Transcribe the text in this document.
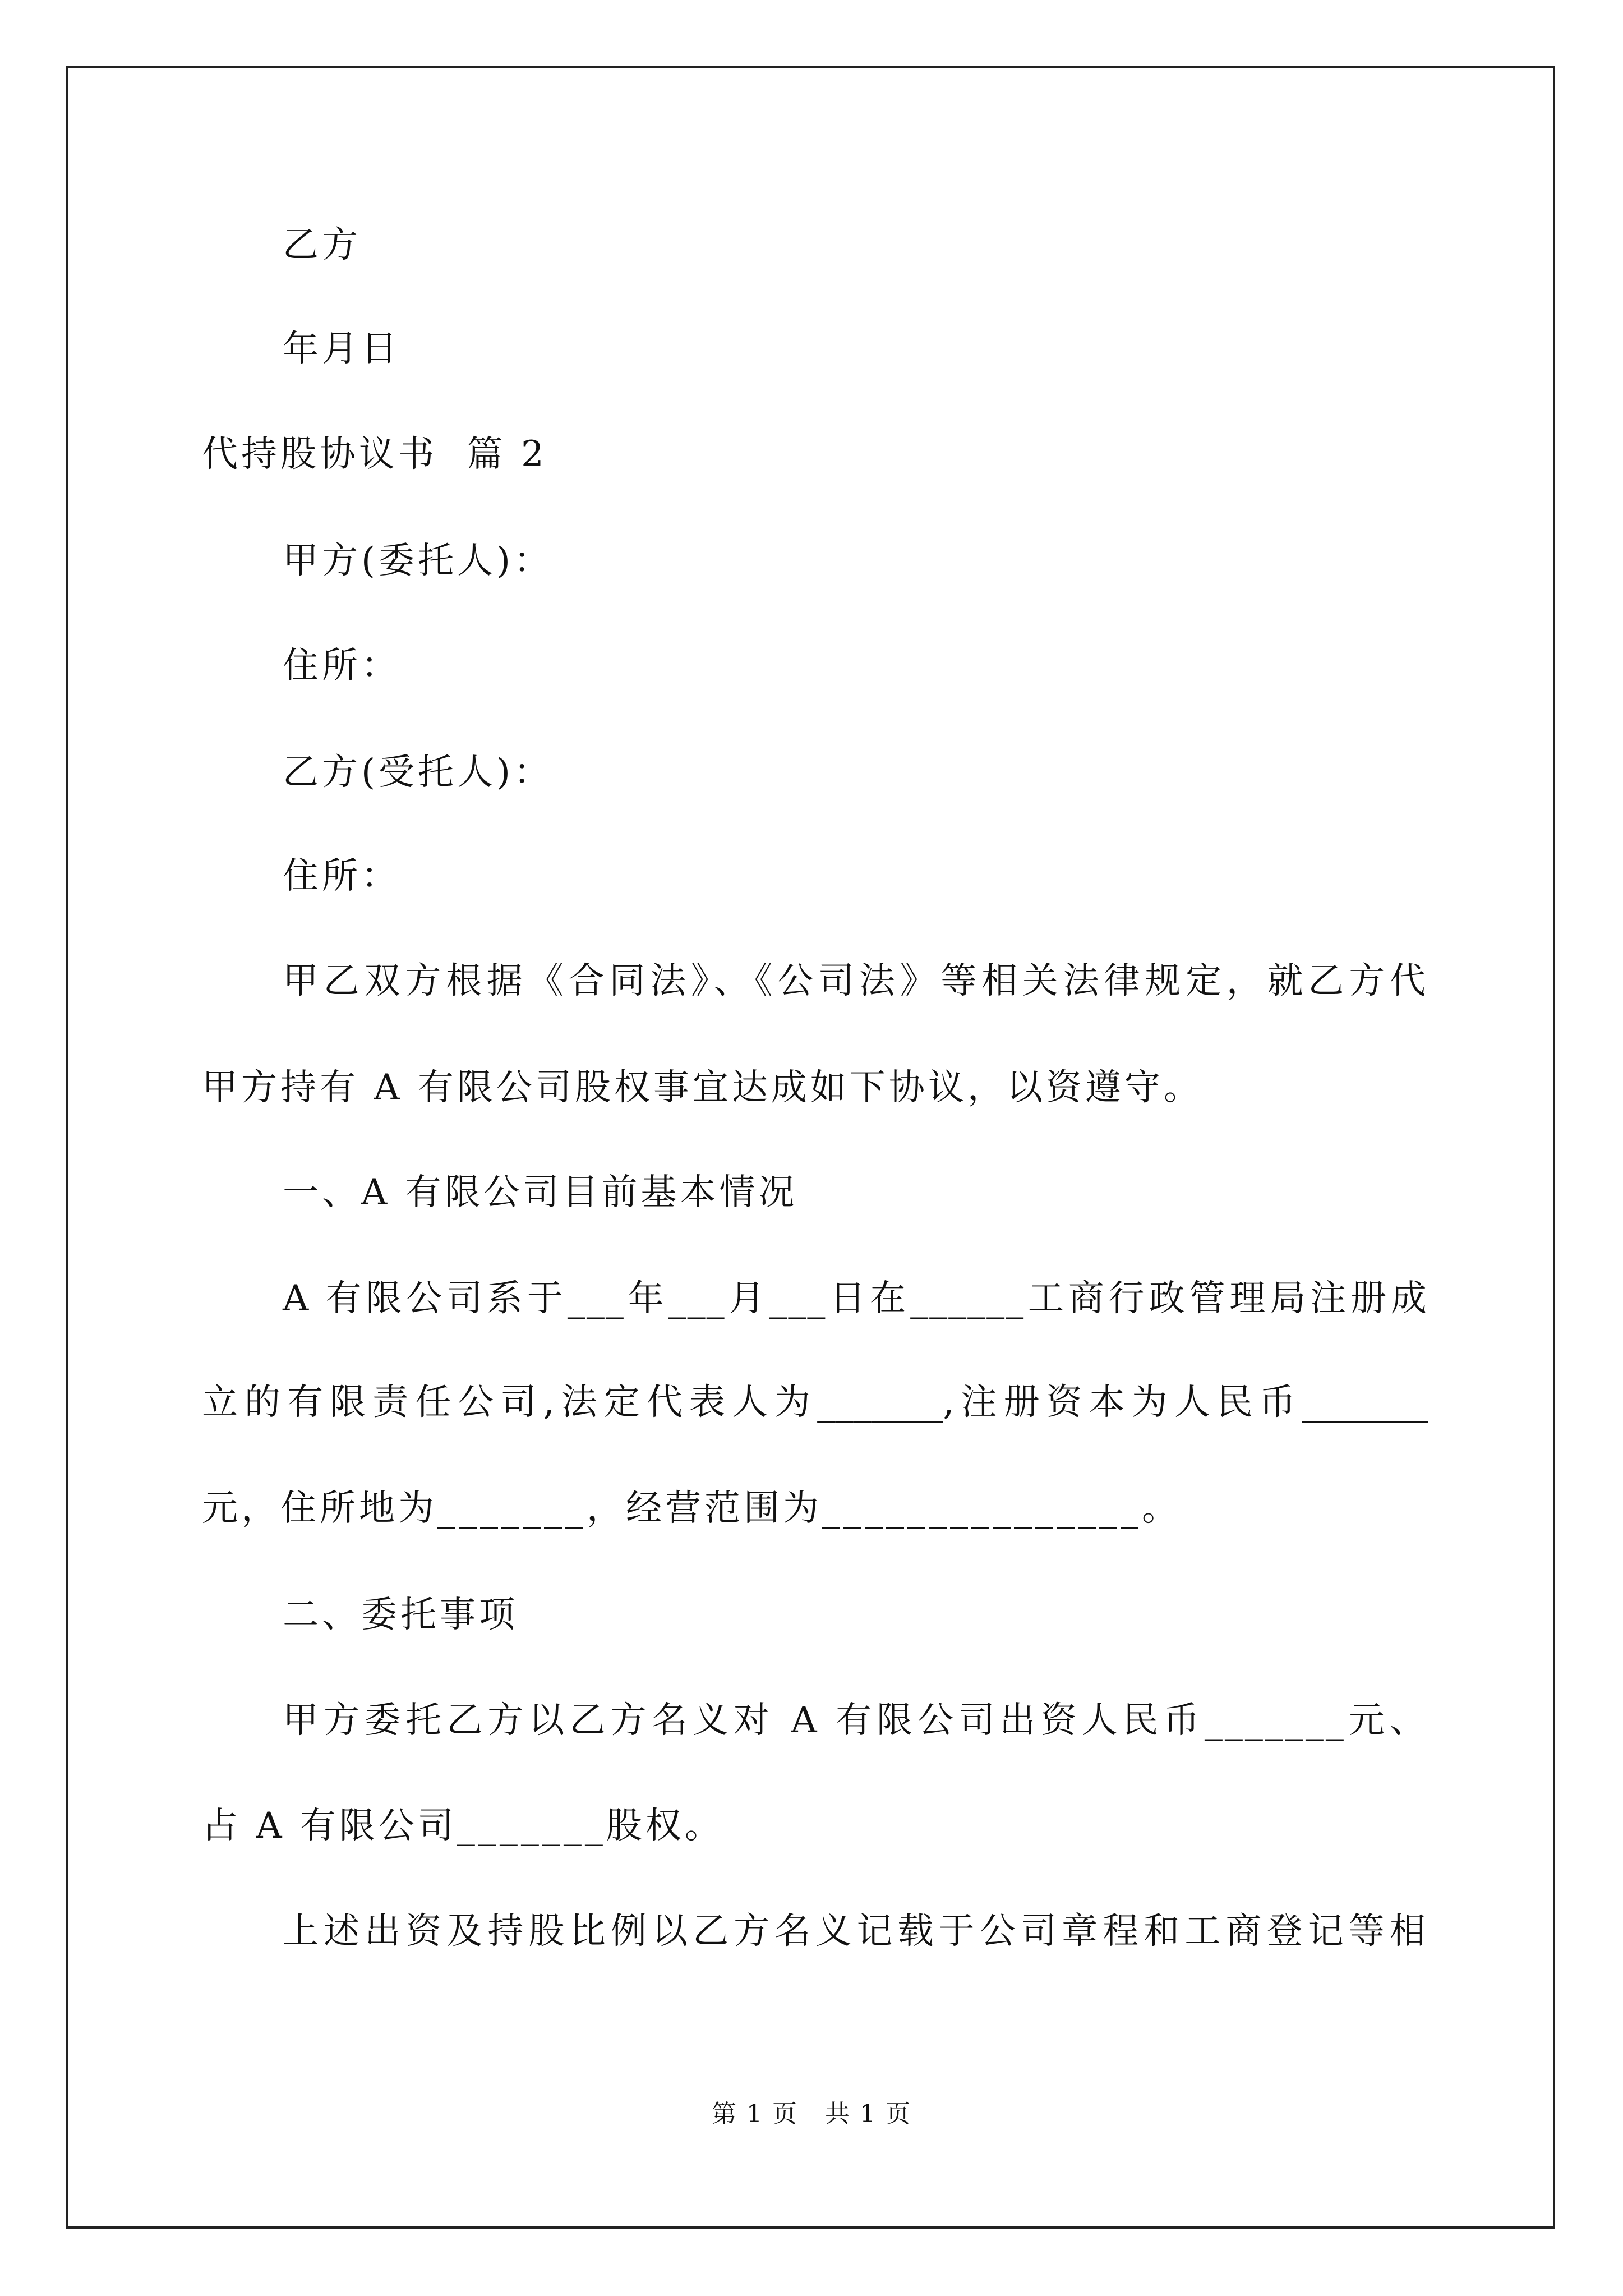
乙方
年月日
代持股协议书  篇 2
甲方(委托人)：
住所：
乙方(受托人)：
住所：
甲乙双方根据《合同法》、《公司法》等相关法律规定，就乙方代
甲方持有 A 有限公司股权事宜达成如下协议，以资遵守。
一、A 有限公司目前基本情况
A 有限公司系于___年___月___日在______工商行政管理局注册成
立的有限责任公司,法定代表人为_______,注册资本为人民币_______
元，住所地为_______，经营范围为_______________。
二、委托事项
甲方委托乙方以乙方名义对 A 有限公司出资人民币_______元、
占 A 有限公司_______股权。
上述出资及持股比例以乙方名义记载于公司章程和工商登记等相
第 1 页   共 1 页
